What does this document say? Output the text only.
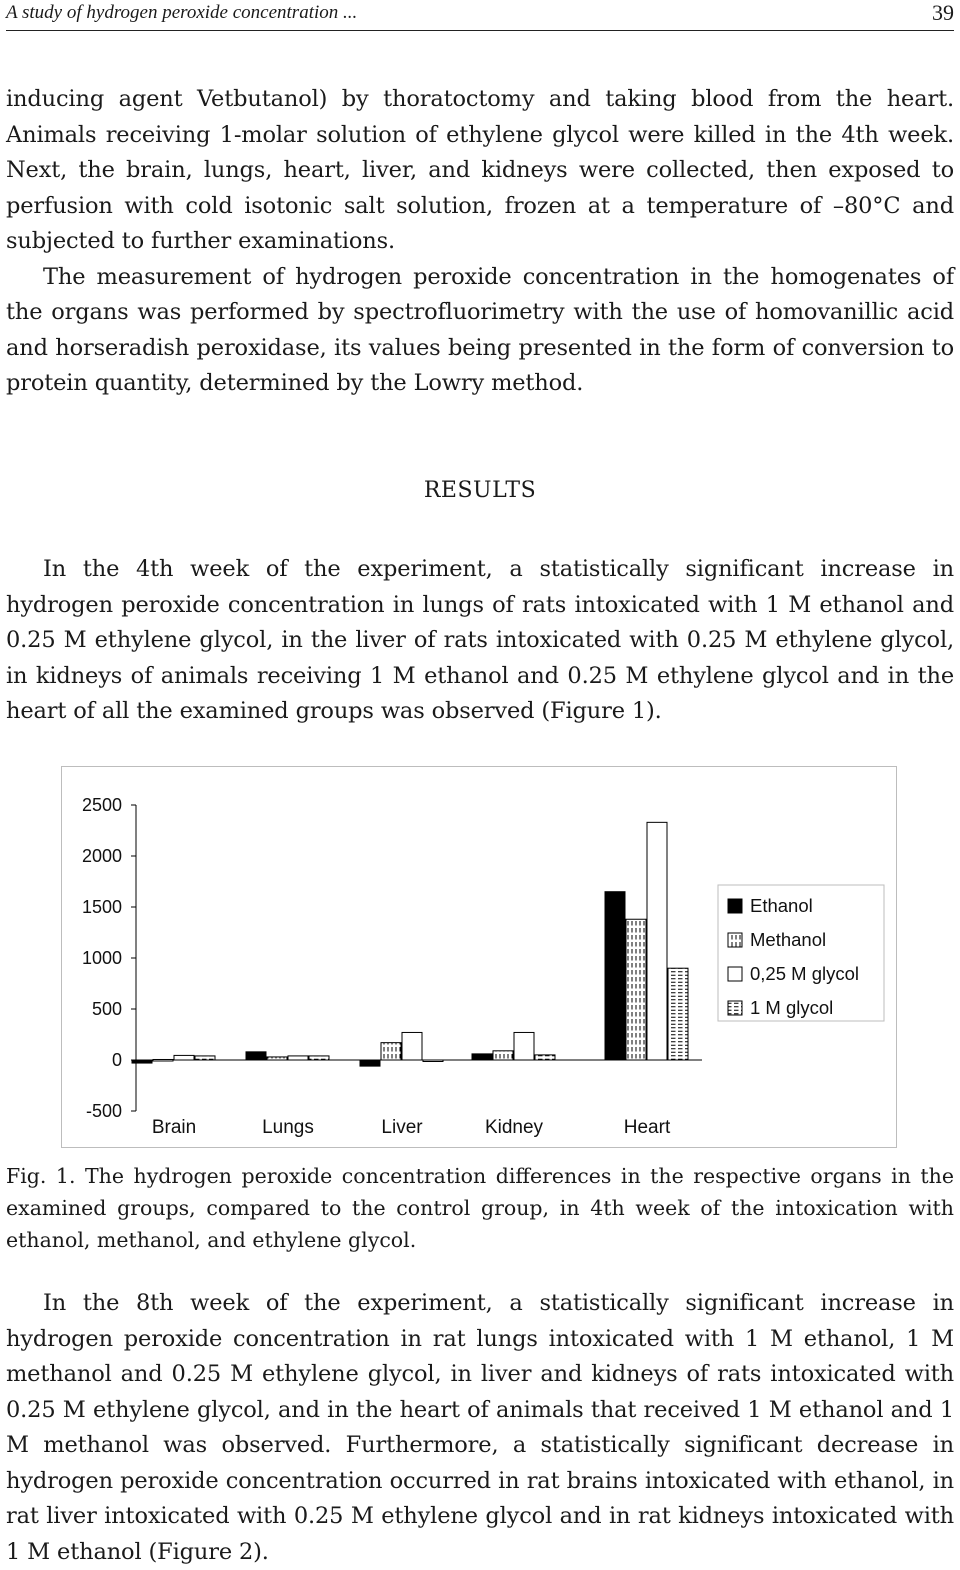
A study of hydrogen peroxide concentration ...	39

inducing agent Vetbutanol) by thoratoctomy and taking blood from the heart. Animals receiving 1-molar solution of ethylene glycol were killed in the 4th week. Next, the brain, lungs, heart, liver, and kidneys were collected, then exposed to perfusion with cold isotonic salt solution, frozen at a temperature of –80°C and subjected to further examinations.
The measurement of hydrogen peroxide concentration in the homogenates of the organs was performed by spectrofluorimetry with the use of homovanillic acid and horseradish peroxidase, its values being presented in the form of conversion to protein quantity, determined by the Lowry method.

RESULTS

In the 4th week of the experiment, a statistically significant increase in hydrogen peroxide concentration in lungs of rats intoxicated with 1 M ethanol and 0.25 M ethylene glycol, in the liver of rats intoxicated with 0.25 M ethylene glycol, in kidneys of animals receiving 1 M ethanol and 0.25 M ethylene glycol and in the heart of all the examined groups was observed (Figure 1).

-500
0
500
1000
1500
2000
2500
Brain	Lungs	Liver	Kidney	Heart
Ethanol
Methanol
0,25 M glycol
1 M glycol

Fig. 1. The hydrogen peroxide concentration differences in the respective organs in the examined groups, compared to the control group, in 4th week of the intoxication with ethanol, methanol, and ethylene glycol.

In the 8th week of the experiment, a statistically significant increase in hydrogen peroxide concentration in rat lungs intoxicated with 1 M ethanol, 1 M methanol and 0.25 M ethylene glycol, in liver and kidneys of rats intoxicated with 0.25 M ethylene glycol, and in the heart of animals that received 1 M ethanol and 1 M methanol was observed. Furthermore, a statistically significant decrease in hydrogen peroxide concentration occurred in rat brains intoxicated with ethanol, in rat liver intoxicated with 0.25 M ethylene glycol and in rat kidneys intoxicated with 1 M ethanol (Figure 2).
